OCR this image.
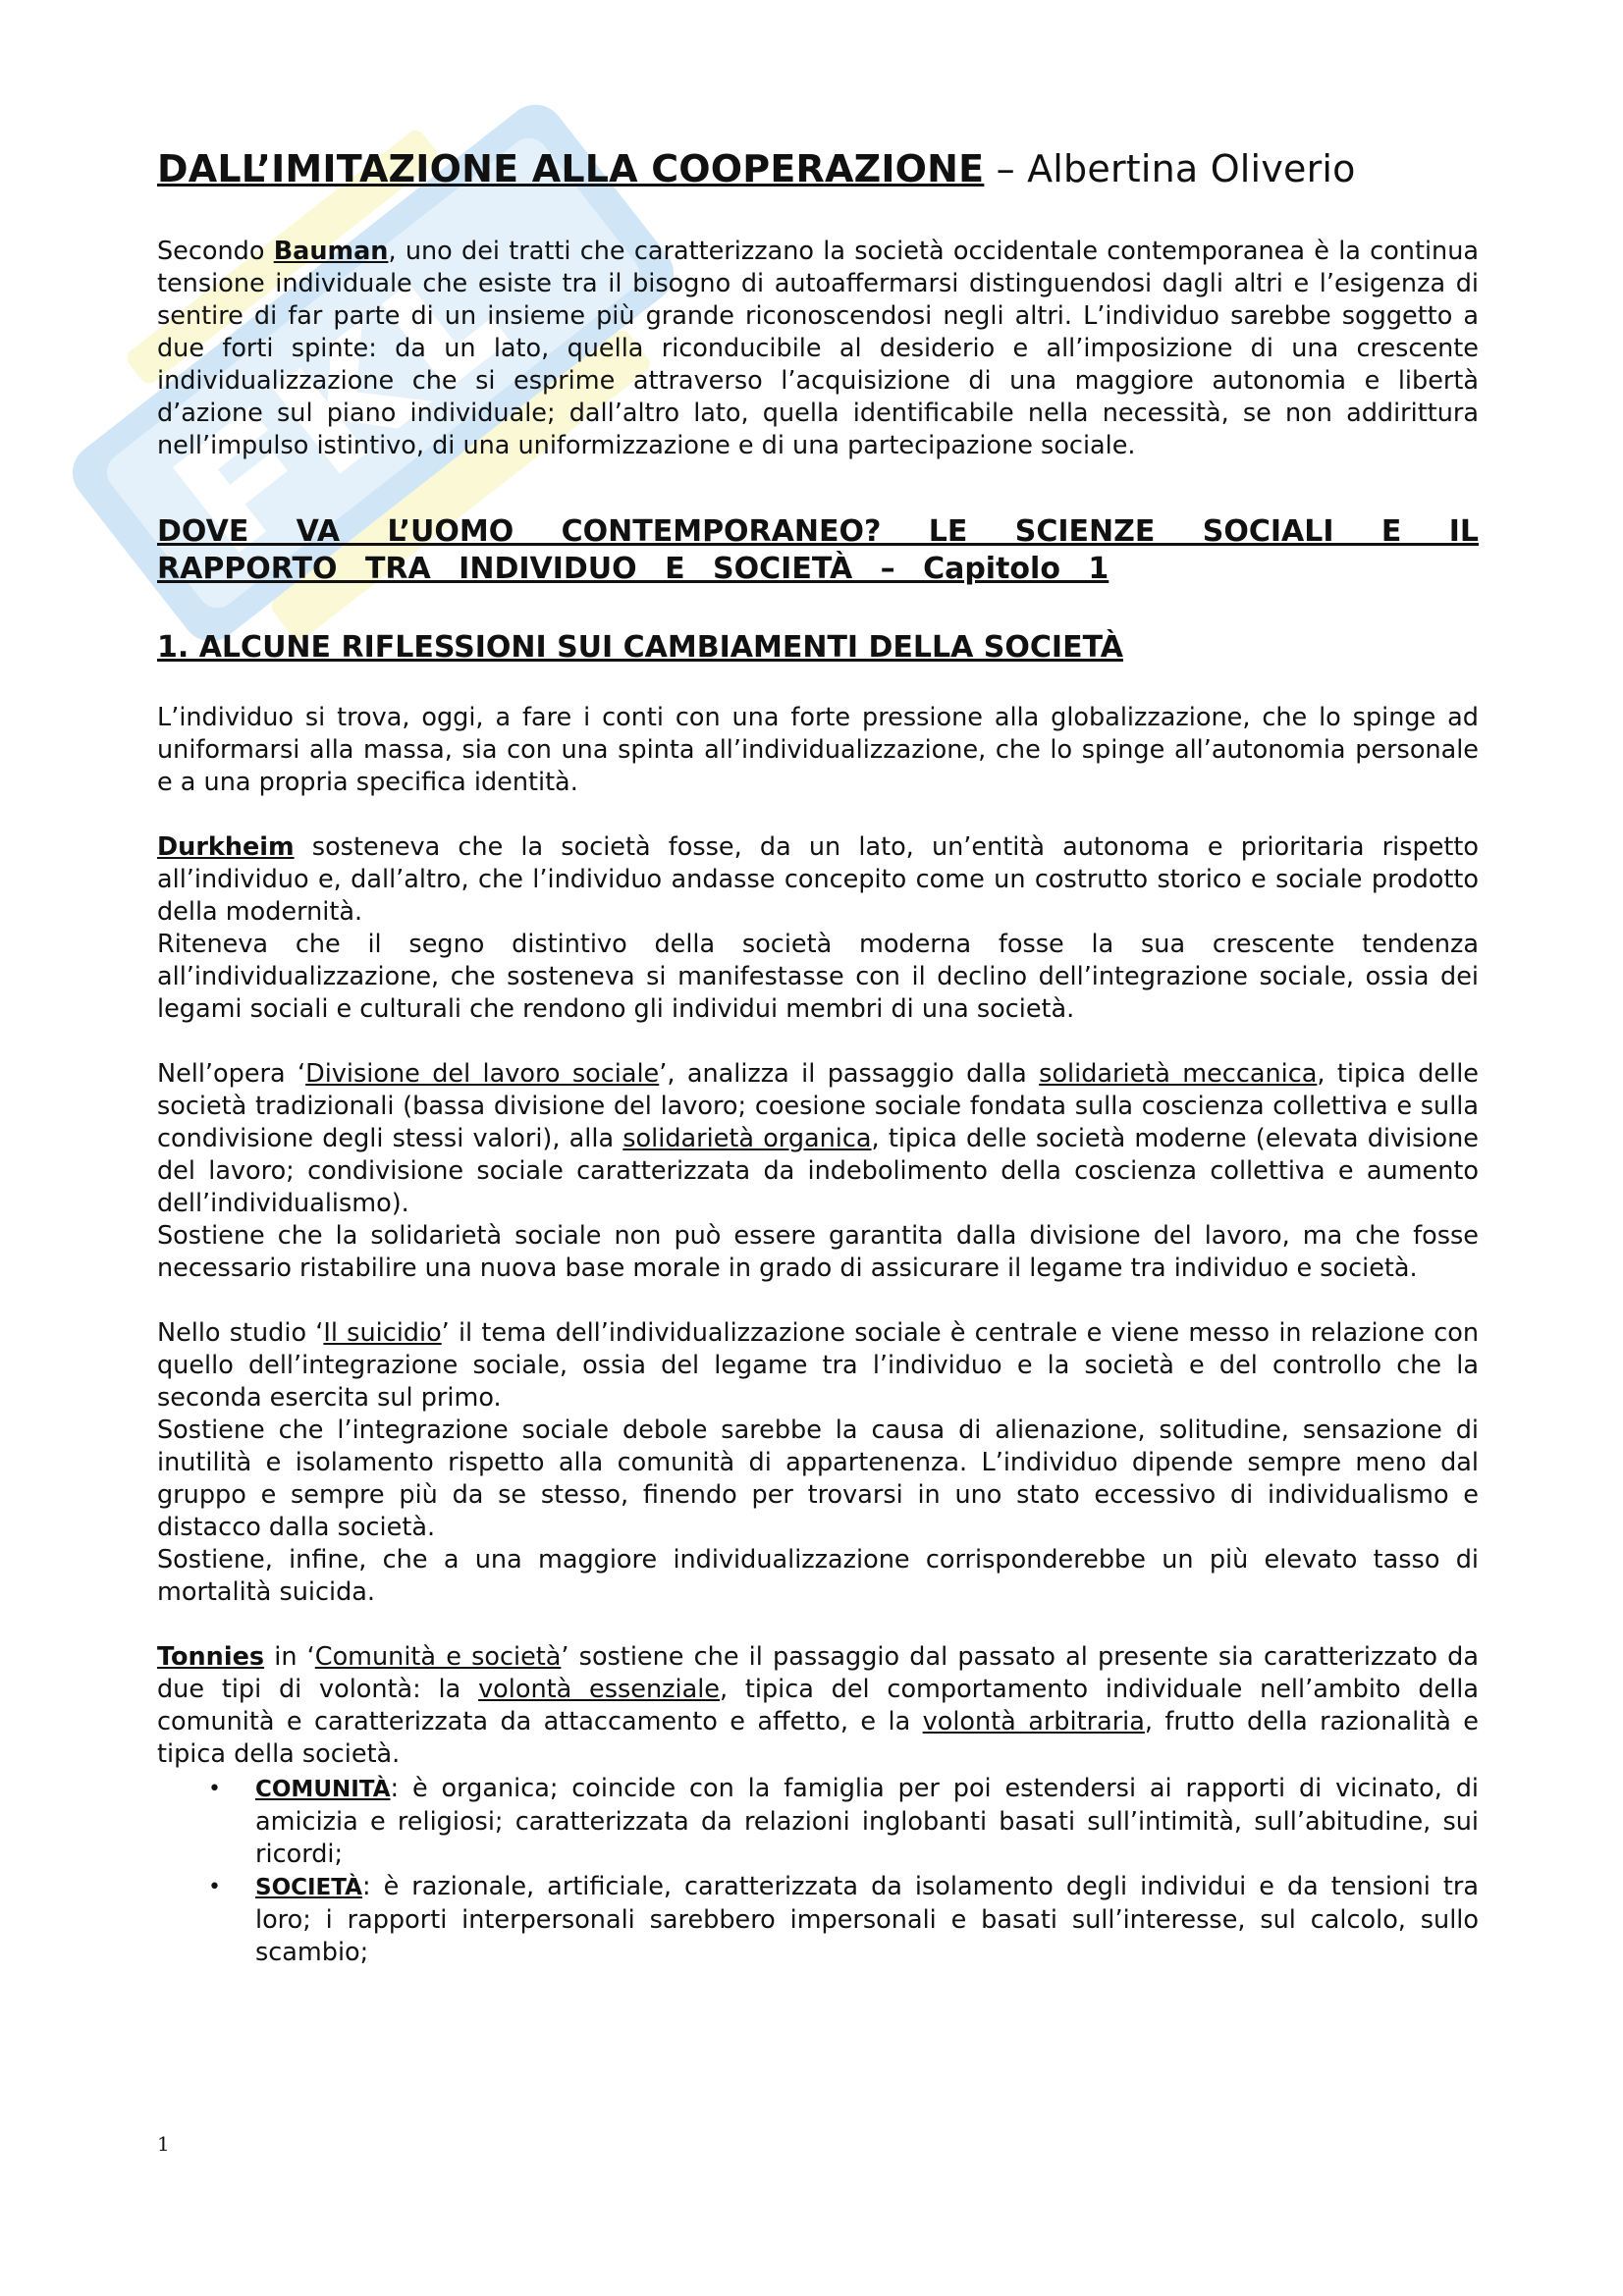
DALL’IMITAZIONE ALLA COOPERAZIONE – Albertina Oliverio

Secondo Bauman, uno dei tratti che caratterizzano la società occidentale contemporanea è la continua tensione individuale che esiste tra il bisogno di autoaffermarsi distinguendosi dagli altri e l’esigenza di sentire di far parte di un insieme più grande riconoscendosi negli altri. L’individuo sarebbe soggetto a due forti spinte: da un lato, quella riconducibile al desiderio e all’imposizione di una crescente individualizzazione che si esprime attraverso l’acquisizione di una maggiore autonomia e libertà d’azione sul piano individuale; dall’altro lato, quella identificabile nella necessità, se non addirittura nell’impulso istintivo, di una uniformizzazione e di una partecipazione sociale.

DOVE VA L’UOMO CONTEMPORANEO? LE SCIENZE SOCIALI E IL RAPPORTO TRA INDIVIDUO E SOCIETÀ – Capitolo 1
1. ALCUNE RIFLESSIONI SUI CAMBIAMENTI DELLA SOCIETÀ

L’individuo si trova, oggi, a fare i conti con una forte pressione alla globalizzazione, che lo spinge ad uniformarsi alla massa, sia con una spinta all’individualizzazione, che lo spinge all’autonomia personale e a una propria specifica identità.

Durkheim sosteneva che la società fosse, da un lato, un’entità autonoma e prioritaria rispetto all’individuo e, dall’altro, che l’individuo andasse concepito come un costrutto storico e sociale prodotto della modernità.

Riteneva che il segno distintivo della società moderna fosse la sua crescente tendenza all’individualizzazione, che sosteneva si manifestasse con il declino dell’integrazione sociale, ossia dei legami sociali e culturali che rendono gli individui membri di una società.

Nell’opera ‘Divisione del lavoro sociale’, analizza il passaggio dalla solidarietà meccanica, tipica delle società tradizionali (bassa divisione del lavoro; coesione sociale fondata sulla coscienza collettiva e sulla condivisione degli stessi valori), alla solidarietà organica, tipica delle società moderne (elevata divisione del lavoro; condivisione sociale caratterizzata da indebolimento della coscienza collettiva e aumento dell’individualismo).

Sostiene che la solidarietà sociale non può essere garantita dalla divisione del lavoro, ma che fosse necessario ristabilire una nuova base morale in grado di assicurare il legame tra individuo e società.

Nello studio ‘Il suicidio’ il tema dell’individualizzazione sociale è centrale e viene messo in relazione con quello dell’integrazione sociale, ossia del legame tra l’individuo e la società e del controllo che la seconda esercita sul primo.

Sostiene che l’integrazione sociale debole sarebbe la causa di alienazione, solitudine, sensazione di inutilità e isolamento rispetto alla comunità di appartenenza. L’individuo dipende sempre meno dal gruppo e sempre più da se stesso, finendo per trovarsi in uno stato eccessivo di individualismo e distacco dalla società.

Sostiene, infine, che a una maggiore individualizzazione corrisponderebbe un più elevato tasso di mortalità suicida.

Tonnies in ‘Comunità e società’ sostiene che il passaggio dal passato al presente sia caratterizzato da due tipi di volontà: la volontà essenziale, tipica del comportamento individuale nell’ambito della comunità e caratterizzata da attaccamento e affetto, e la volontà arbitraria, frutto della razionalità e tipica della società.

• COMUNITÀ: è organica; coincide con la famiglia per poi estendersi ai rapporti di vicinato, di amicizia e religiosi; caratterizzata da relazioni inglobanti basati sull’intimità, sull’abitudine, sui ricordi;
• SOCIETÀ: è razionale, artificiale, caratterizzata da isolamento degli individui e da tensioni tra loro; i rapporti interpersonali sarebbero impersonali e basati sull’interesse, sul calcolo, sullo scambio;
1
